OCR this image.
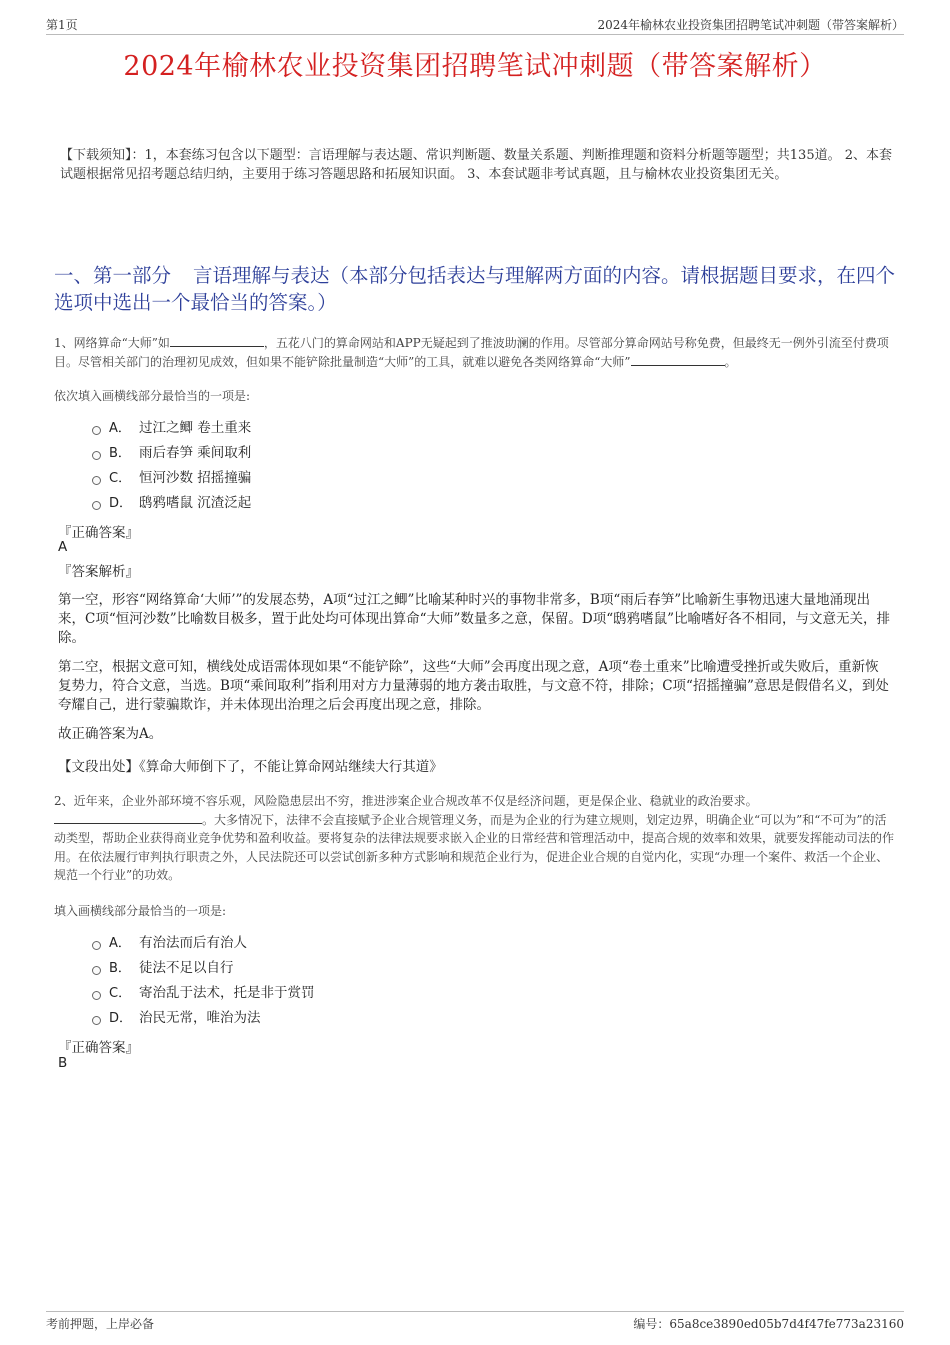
第1页	2024年榆林农业投资集团招聘笔试冲刺题（带答案解析）
2024年榆林农业投资集团招聘笔试冲刺题（带答案解析）
【下载须知】：1，本套练习包含以下题型：言语理解与表达题、常识判断题、数量关系题、判断推理题和资料分析题等题型；共135道。 2、本套试题根据常见招考题总结归纳，主要用于练习答题思路和拓展知识面。 3、本套试题非考试真题，且与榆林农业投资集团无关。
一、第一部分 言语理解与表达（本部分包括表达与理解两方面的内容。请根据题目要求，在四个选项中选出一个最恰当的答案。）
1、网络算命“大师”如	，五花八门的算命网站和APP无疑起到了推波助澜的作用。尽管部分算命网站号称免费，但最终无一例外引流至付费项目。尽管相关部门的治理初见成效，但如果不能铲除批量制造“大师”的工具，就难以避免各类网络算命“大师”	。
依次填入画横线部分最恰当的一项是:
A． 过江之鲫 卷土重来
B． 雨后春笋 乘间取利
C． 恒河沙数 招摇撞骗
D． 鸱鸦嗜鼠 沉渣泛起
『正确答案』
A
『答案解析』
第一空，形容“网络算命‘大师’”的发展态势，A项“过江之鲫”比喻某种时兴的事物非常多，B项“雨后春笋”比喻新生事物迅速大量地涌现出来，C项“恒河沙数”比喻数目极多，置于此处均可体现出算命“大师”数量多之意，保留。D项“鸱鸦嗜鼠”比喻嗜好各不相同，与文意无关，排除。
第二空，根据文意可知，横线处成语需体现如果“不能铲除”，这些“大师”会再度出现之意，A项“卷土重来”比喻遭受挫折或失败后，重新恢复势力，符合文意，当选。B项“乘间取利”指利用对方力量薄弱的地方袭击取胜，与文意不符，排除；C项“招摇撞骗”意思是假借名义，到处夸耀自己，进行蒙骗欺诈，并未体现出治理之后会再度出现之意，排除。
故正确答案为A。
【文段出处】《算命大师倒下了，不能让算命网站继续大行其道》
2、近年来，企业外部环境不容乐观，风险隐患层出不穷，推进涉案企业合规改革不仅是经济问题，更是保企业、稳就业的政治要求。
。大多情况下，法律不会直接赋予企业合规管理义务，而是为企业的行为建立规则，划定边界，明确企业“可以为”和“不可为”的活动类型，帮助企业获得商业竞争优势和盈利收益。要将复杂的法律法规要求嵌入企业的日常经营和管理活动中，提高合规的效率和效果，就要发挥能动司法的作用。在依法履行审判执行职责之外，人民法院还可以尝试创新多种方式影响和规范企业行为，促进企业合规的自觉内化，实现“办理一个案件、救活一个企业、规范一个行业”的功效。
填入画横线部分最恰当的一项是:
A． 有治法而后有治人
B． 徒法不足以自行
C． 寄治乱于法术，托是非于赏罚
D． 治民无常，唯治为法
『正确答案』
B
考前押题，上岸必备	编号：65a8ce3890ed05b7d4f47fe773a23160
